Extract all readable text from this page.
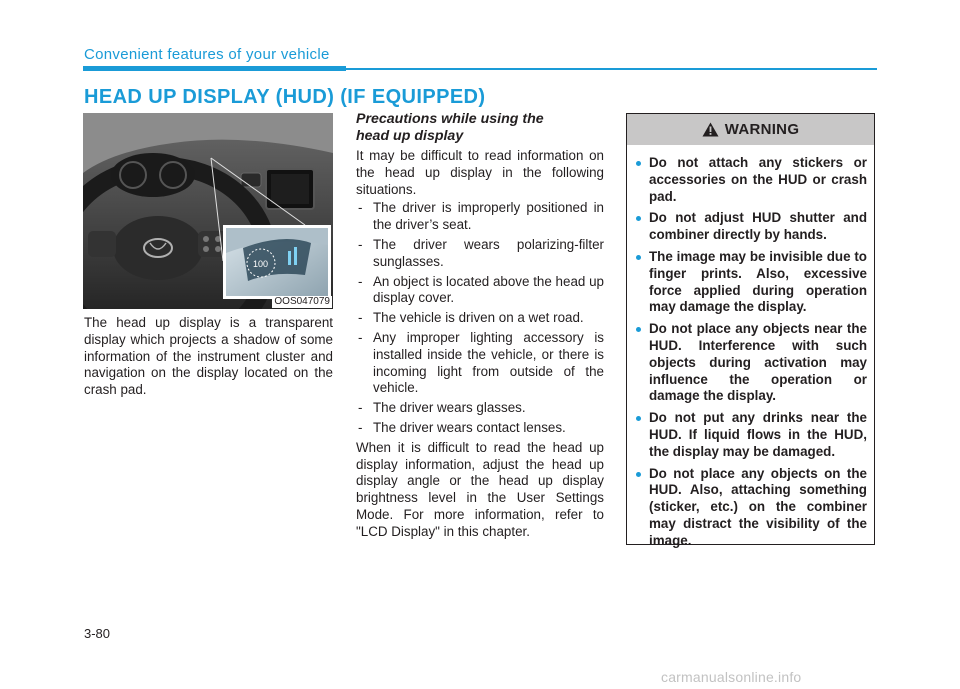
Convenient features of your vehicle
HEAD UP DISPLAY (HUD) (IF EQUIPPED)
100
OOS047079

The head up display is a transparent display which projects a shadow of some information of the instrument cluster and navigation on the display located on the crash pad.

Precautions while using the
head up display

It may be difficult to read information on the head up display in the following situations.

- The driver is improperly positioned in the driver’s seat.
- The driver wears polarizing-filter sunglasses.
- An object is located above the head up display cover.
- The vehicle is driven on a wet road.
- Any improper lighting accessory is installed inside the vehicle, or there is incoming light from outside of the vehicle.
- The driver wears glasses.
- The driver wears contact lenses.

When it is difficult to read the head up display information, adjust the head up display angle or the head up display brightness level in the User Settings Mode. For more information, refer to "LCD Display" in this chapter.

WARNING
Do not attach any stickers or accessories on the HUD or crash pad.
Do not adjust HUD shutter and combiner directly by hands.
The image may be invisible due to finger prints. Also, excessive force applied during operation may damage the display.
Do not place any objects near the HUD. Interference with such objects during activation may influence the operation or damage the display.
Do not put any drinks near the HUD. If liquid flows in the HUD, the display may be damaged.
Do not place any objects on the HUD. Also, attaching something (sticker, etc.) on the combiner may distract the visibility of the image.
3-80
carmanualsonline.info
